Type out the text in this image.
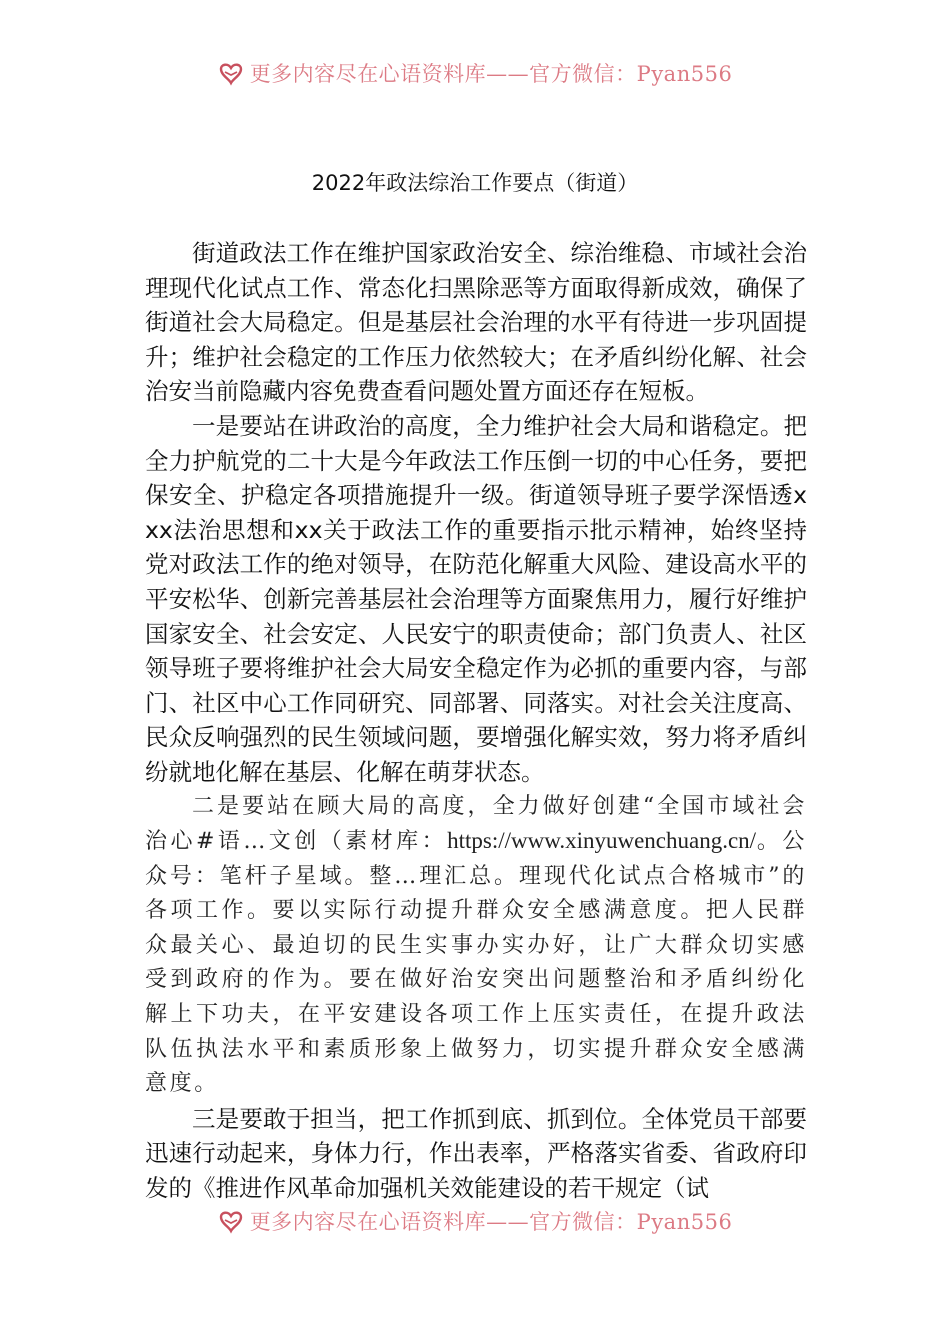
更多内容尽在心语资料库——官方微信：Pyan556
2022年政法综治工作要点（街道）

街道政法工作在维护国家政治安全、综治维稳、市域社会治理现代化试点工作、常态化扫黑除恶等方面取得新成效，确保了街道社会大局稳定。但是基层社会治理的水平有待进一步巩固提升；维护社会稳定的工作压力依然较大；在矛盾纠纷化解、社会治安当前隐藏内容免费查看问题处置方面还存在短板。

一是要站在讲政治的高度，全力维护社会大局和谐稳定。把全力护航党的二十大是今年政法工作压倒一切的中心任务，要把保安全、护稳定各项措施提升一级。街道领导班子要学深悟透xxx法治思想和xx关于政法工作的重要指示批示精神，始终坚持党对政法工作的绝对领导，在防范化解重大风险、建设高水平的平安松华、创新完善基层社会治理等方面聚焦用力，履行好维护国家安全、社会安定、人民安宁的职责使命；部门负责人、社区领导班子要将维护社会大局安全稳定作为必抓的重要内容，与部门、社区中心工作同研究、同部署、同落实。对社会关注度高、民众反响强烈的民生领域问题，要增强化解实效，努力将矛盾纠纷就地化解在基层、化解在萌芽状态。

二是要站在顾大局的高度，全力做好创建“全国市域社会治心#语…文创（素材库：https://www.xinyuwenchuang.cn/。公众号：笔杆子星域。整…理汇总。理现代化试点合格城市”的各项工作。要以实际行动提升群众安全感满意度。把人民群众最关心、最迫切的民生实事办实办好，让广大群众切实感受到政府的作为。要在做好治安突出问题整治和矛盾纠纷化解上下功夫，在平安建设各项工作上压实责任，在提升政法队伍执法水平和素质形象上做努力，切实提升群众安全感满意度。

三是要敢于担当，把工作抓到底、抓到位。全体党员干部要迅速行动起来，身体力行，作出表率，严格落实省委、省政府印发的《推进作风革命加强机关效能建设的若干规定（试

更多内容尽在心语资料库——官方微信：Pyan556
